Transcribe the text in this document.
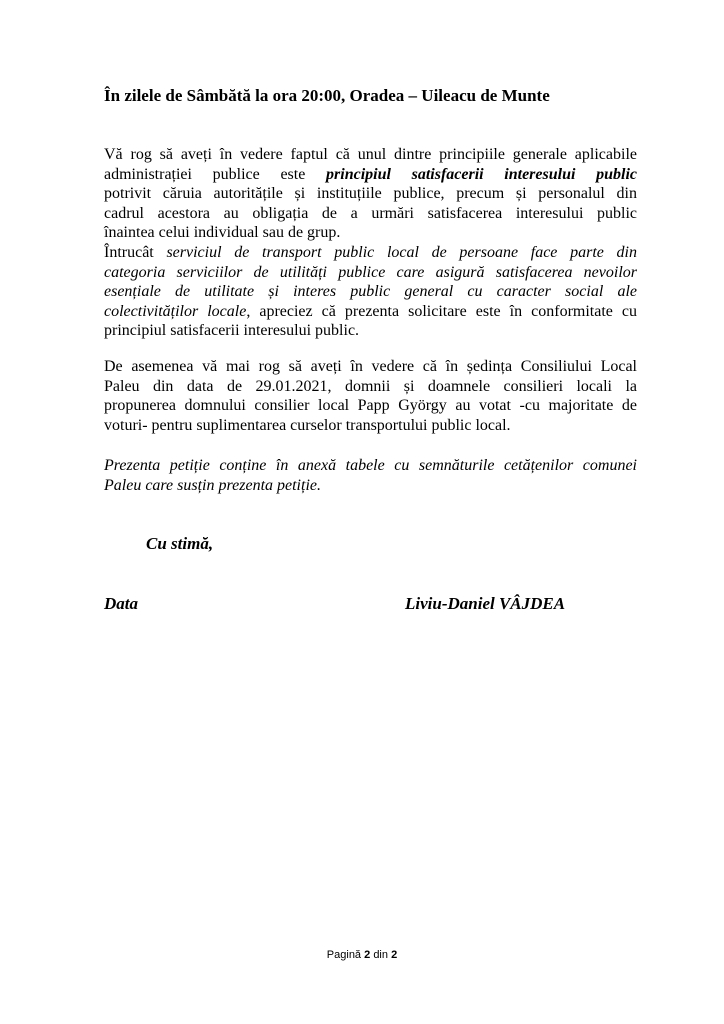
În zilele de Sâmbătă la ora 20:00, Oradea – Uileacu de Munte
Vă rog să aveți în vedere faptul că unul dintre principiile generale aplicabile
administrației publice este principiul satisfacerii interesului public
potrivit căruia autoritățile și instituțiile publice, precum și personalul din
cadrul acestora au obligația de a urmări satisfacerea interesului public
înaintea celui individual sau de grup.
Întrucât serviciul de transport public local de persoane face parte din
categoria serviciilor de utilități publice care asigură satisfacerea nevoilor
esențiale de utilitate și interes public general cu caracter social ale
colectivităților locale, apreciez că prezenta solicitare este în conformitate cu
principiul satisfacerii interesului public.
De asemenea vă mai rog să aveți în vedere că în ședința Consiliului Local
Paleu din data de 29.01.2021, domnii și doamnele consilieri locali la
propunerea domnului consilier local Papp György au votat -cu majoritate de
voturi- pentru suplimentarea curselor transportului public local.
Prezenta petiție conține în anexă tabele cu semnăturile cetățenilor comunei
Paleu care susțin prezenta petiție.
Cu stimă,
Data	Liviu-Daniel VÂJDEA
Pagină 2 din 2
